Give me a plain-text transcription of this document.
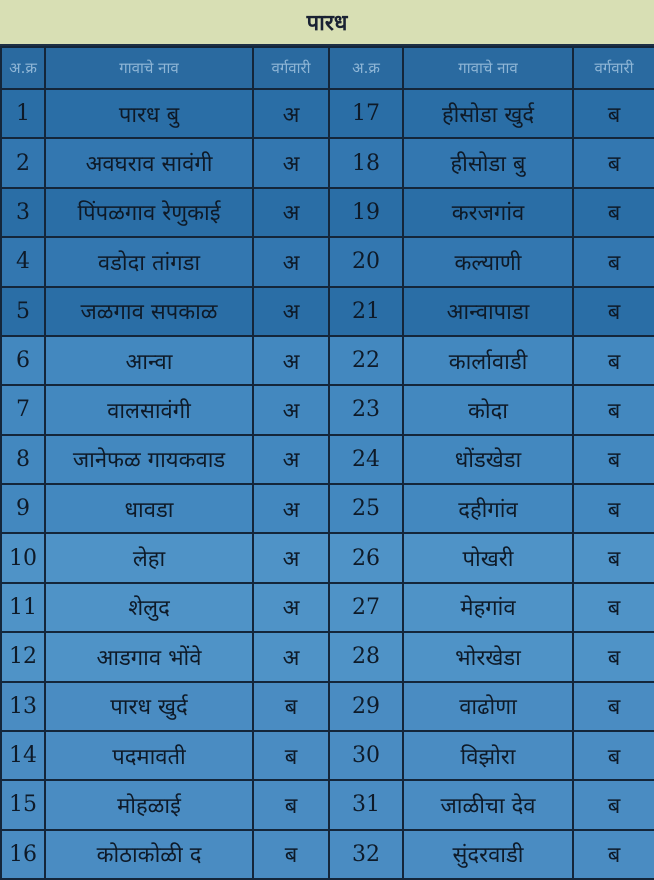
पारध
अ.क्र	गावाचे नाव	वर्गवारी	अ.क्र	गावाचे नाव	वर्गवारी
1	पारध बु	अ	17	हीसोडा खुर्द	ब
2	अवघराव सावंगी	अ	18	हीसोडा बु	ब
3	पिंपळगाव रेणुकाई	अ	19	करजगांव	ब
4	वडोदा तांगडा	अ	20	कल्याणी	ब
5	जळगाव सपकाळ	अ	21	आन्वापाडा	ब
6	आन्वा	अ	22	कार्लावाडी	ब
7	वालसावंगी	अ	23	कोदा	ब
8	जानेफळ गायकवाड	अ	24	धोंडखेडा	ब
9	धावडा	अ	25	दहीगांव	ब
10	लेहा	अ	26	पोखरी	ब
11	शेलुद	अ	27	मेहगांव	ब
12	आडगाव भोंवे	अ	28	भोरखेडा	ब
13	पारध खुर्द	ब	29	वाढोणा	ब
14	पदमावती	ब	30	विझोरा	ब
15	मोहळाई	ब	31	जाळीचा देव	ब
16	कोठाकोळी द	ब	32	सुंदरवाडी	ब
